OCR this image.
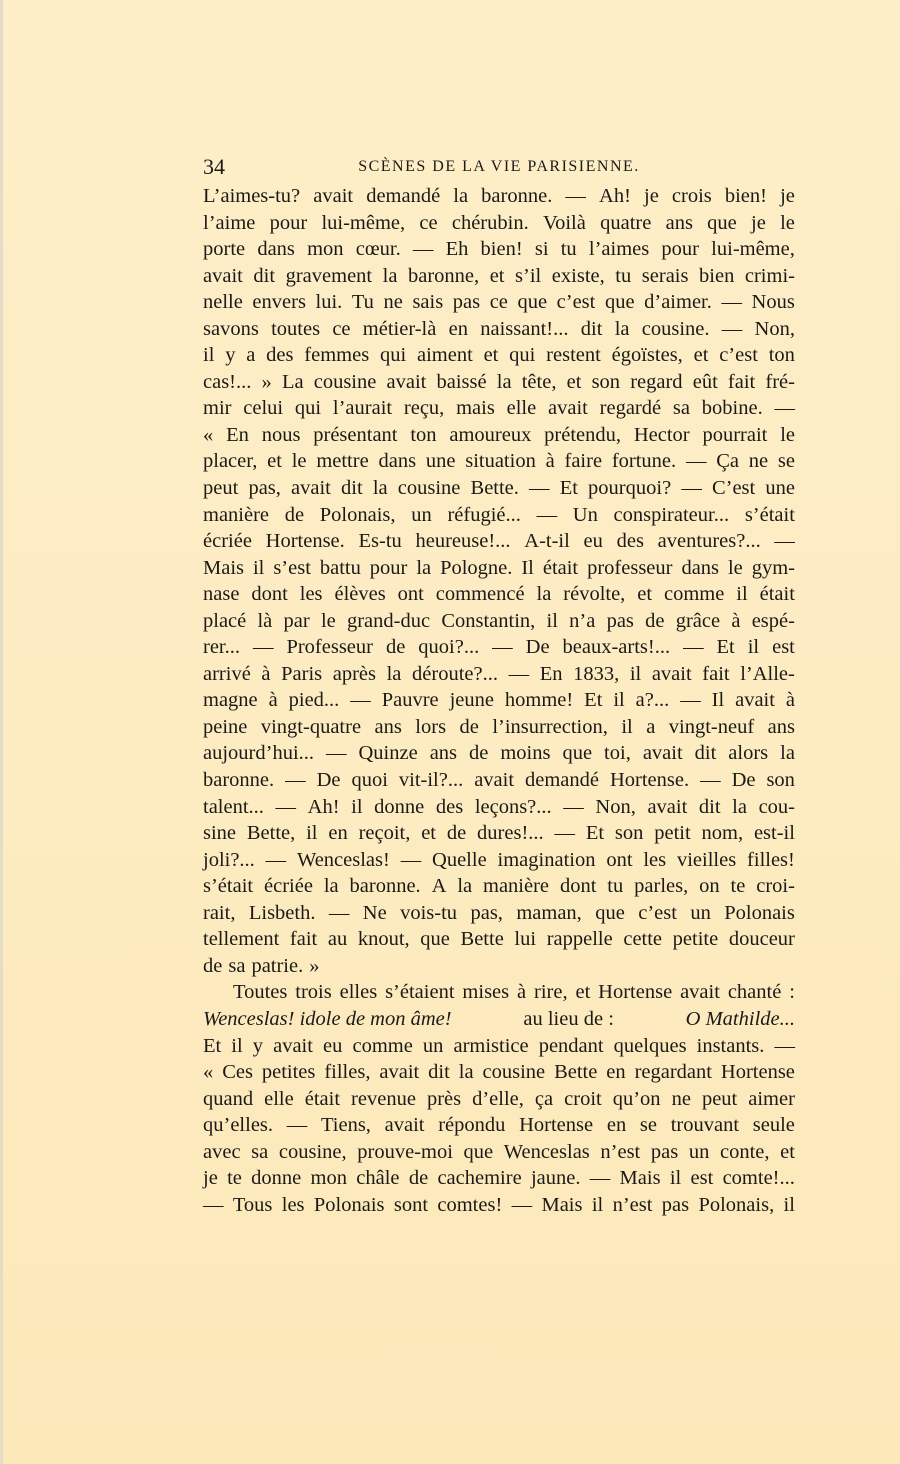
34	SCÈNES DE LA VIE PARISIENNE.
L’aimes-tu? avait demandé la baronne. — Ah! je crois bien! je
l’aime pour lui-même, ce chérubin. Voilà quatre ans que je le
porte dans mon cœur. — Eh bien! si tu l’aimes pour lui-même,
avait dit gravement la baronne, et s’il existe, tu serais bien crimi-
nelle envers lui. Tu ne sais pas ce que c’est que d’aimer. — Nous
savons toutes ce métier-là en naissant!... dit la cousine. — Non,
il y a des femmes qui aiment et qui restent égoïstes, et c’est ton
cas!... » La cousine avait baissé la tête, et son regard eût fait fré-
mir celui qui l’aurait reçu, mais elle avait regardé sa bobine. —
« En nous présentant ton amoureux prétendu, Hector pourrait le
placer, et le mettre dans une situation à faire fortune. — Ça ne se
peut pas, avait dit la cousine Bette. — Et pourquoi? — C’est une
manière de Polonais, un réfugié... — Un conspirateur... s’était
écriée Hortense. Es-tu heureuse!... A-t-il eu des aventures?... —
Mais il s’est battu pour la Pologne. Il était professeur dans le gym-
nase dont les élèves ont commencé la révolte, et comme il était
placé là par le grand-duc Constantin, il n’a pas de grâce à espé-
rer... — Professeur de quoi?... — De beaux-arts!... — Et il est
arrivé à Paris après la déroute?... — En 1833, il avait fait l’Alle-
magne à pied... — Pauvre jeune homme! Et il a?... — Il avait à
peine vingt-quatre ans lors de l’insurrection, il a vingt-neuf ans
aujourd’hui... — Quinze ans de moins que toi, avait dit alors la
baronne. — De quoi vit-il?... avait demandé Hortense. — De son
talent... — Ah! il donne des leçons?... — Non, avait dit la cou-
sine Bette, il en reçoit, et de dures!... — Et son petit nom, est-il
joli?... — Wenceslas! — Quelle imagination ont les vieilles filles!
s’était écriée la baronne. A la manière dont tu parles, on te croi-
rait, Lisbeth. — Ne vois-tu pas, maman, que c’est un Polonais
tellement fait au knout, que Bette lui rappelle cette petite douceur
de sa patrie. »
Toutes trois elles s’étaient mises à rire, et Hortense avait chanté :
Wenceslas! idole de mon âme!	au lieu de :	O Mathilde...
Et il y avait eu comme un armistice pendant quelques instants. —
« Ces petites filles, avait dit la cousine Bette en regardant Hortense
quand elle était revenue près d’elle, ça croit qu’on ne peut aimer
qu’elles. — Tiens, avait répondu Hortense en se trouvant seule
avec sa cousine, prouve-moi que Wenceslas n’est pas un conte, et
je te donne mon châle de cachemire jaune. — Mais il est comte!...
— Tous les Polonais sont comtes! — Mais il n’est pas Polonais, il
